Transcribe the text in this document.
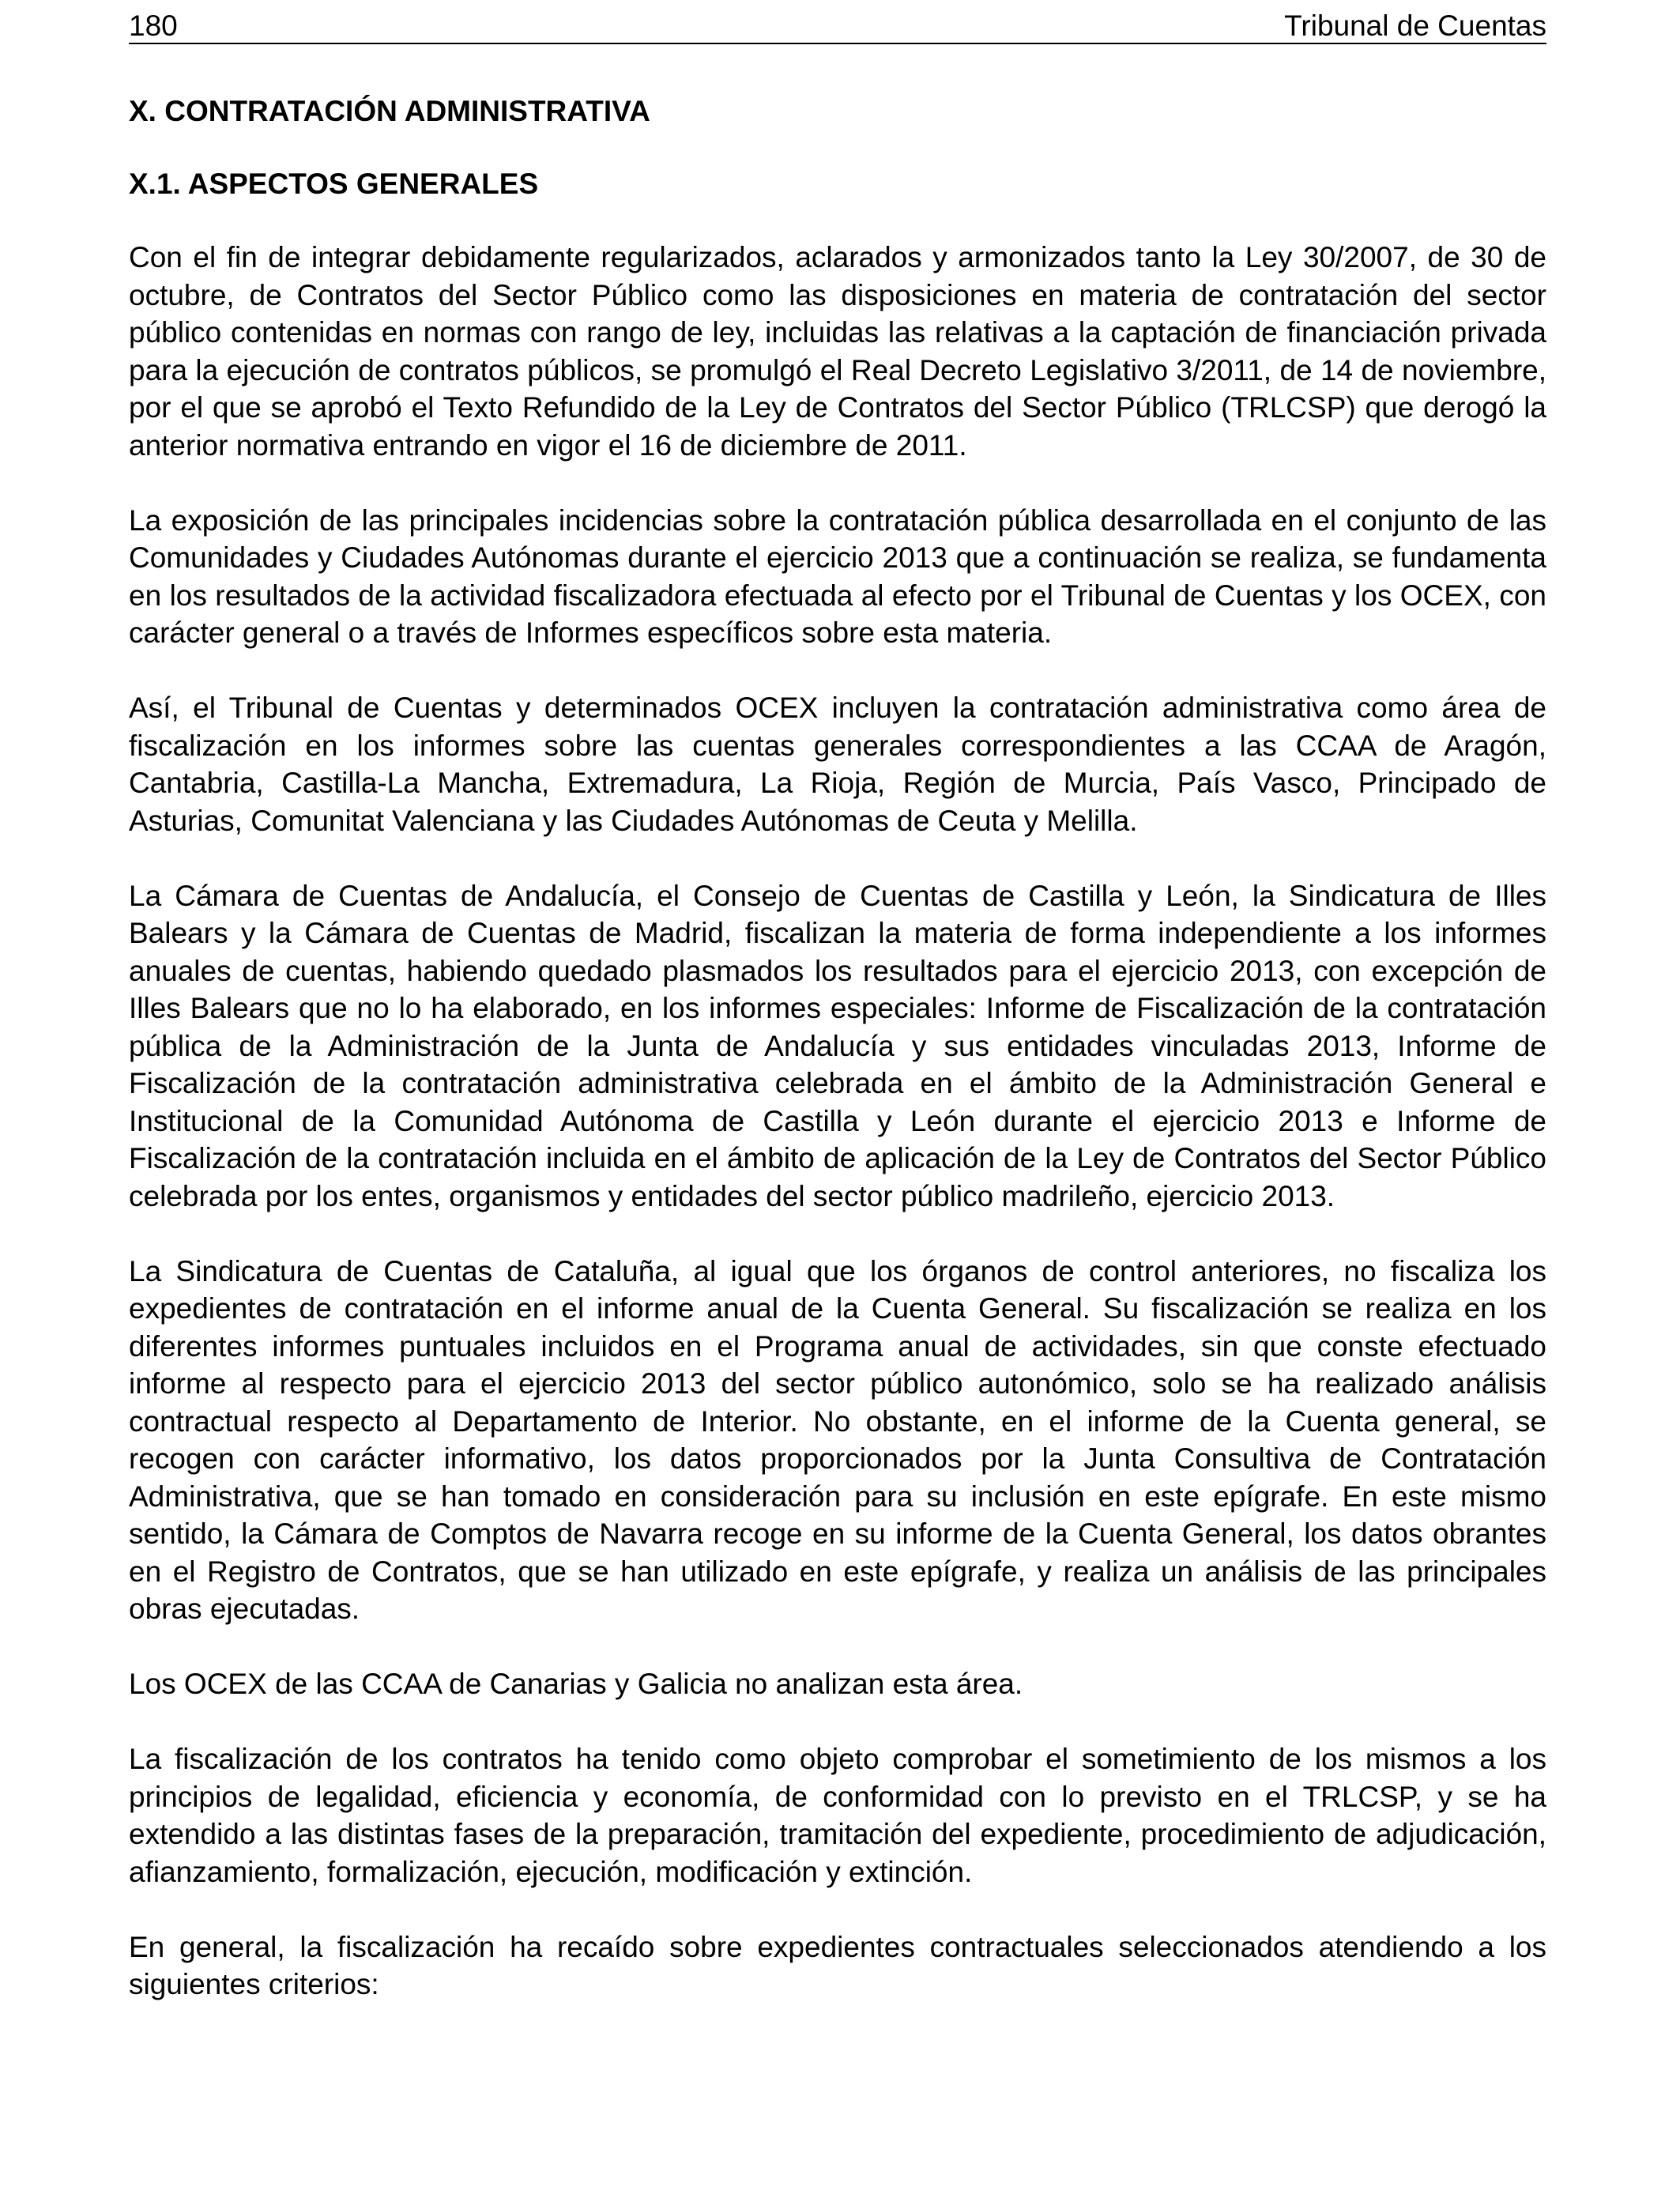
180	Tribunal de Cuentas
X. CONTRATACIÓN ADMINISTRATIVA
X.1. ASPECTOS GENERALES

Con el fin de integrar debidamente regularizados, aclarados y armonizados tanto la Ley 30/2007, de 30 de octubre, de Contratos del Sector Público como las disposiciones en materia de contratación del sector público contenidas en normas con rango de ley, incluidas las relativas a la captación de financiación privada para la ejecución de contratos públicos, se promulgó el Real Decreto Legislativo 3/2011, de 14 de noviembre, por el que se aprobó el Texto Refundido de la Ley de Contratos del Sector Público (TRLCSP) que derogó la anterior normativa entrando en vigor el 16 de diciembre de 2011.

La exposición de las principales incidencias sobre la contratación pública desarrollada en el conjunto de las Comunidades y Ciudades Autónomas durante el ejercicio 2013 que a continuación se realiza, se fundamenta en los resultados de la actividad fiscalizadora efectuada al efecto por el Tribunal de Cuentas y los OCEX, con carácter general o a través de Informes específicos sobre esta materia.

Así, el Tribunal de Cuentas y determinados OCEX incluyen la contratación administrativa como área de fiscalización en los informes sobre las cuentas generales correspondientes a las CCAA de Aragón, Cantabria, Castilla-La Mancha, Extremadura, La Rioja, Región de Murcia, País Vasco, Principado de Asturias, Comunitat Valenciana y las Ciudades Autónomas de Ceuta y Melilla.

La Cámara de Cuentas de Andalucía, el Consejo de Cuentas de Castilla y León, la Sindicatura de Illes Balears y la Cámara de Cuentas de Madrid, fiscalizan la materia de forma independiente a los informes anuales de cuentas, habiendo quedado plasmados los resultados para el ejercicio 2013, con excepción de Illes Balears que no lo ha elaborado, en los informes especiales: Informe de Fiscalización de la contratación pública de la Administración de la Junta de Andalucía y sus entidades vinculadas 2013, Informe de Fiscalización de la contratación administrativa celebrada en el ámbito de la Administración General e Institucional de la Comunidad Autónoma de Castilla y León durante el ejercicio 2013 e Informe de Fiscalización de la contratación incluida en el ámbito de aplicación de la Ley de Contratos del Sector Público celebrada por los entes, organismos y entidades del sector público madrileño, ejercicio 2013.

La Sindicatura de Cuentas de Cataluña, al igual que los órganos de control anteriores, no fiscaliza los expedientes de contratación en el informe anual de la Cuenta General. Su fiscalización se realiza en los diferentes informes puntuales incluidos en el Programa anual de actividades, sin que conste efectuado informe al respecto para el ejercicio 2013 del sector público autonómico, solo se ha realizado análisis contractual respecto al Departamento de Interior. No obstante, en el informe de la Cuenta general, se recogen con carácter informativo, los datos proporcionados por la Junta Consultiva de Contratación Administrativa, que se han tomado en consideración para su inclusión en este epígrafe. En este mismo sentido, la Cámara de Comptos de Navarra recoge en su informe de la Cuenta General, los datos obrantes en el Registro de Contratos, que se han utilizado en este epígrafe, y realiza un análisis de las principales obras ejecutadas.

Los OCEX de las CCAA de Canarias y Galicia no analizan esta área.

La fiscalización de los contratos ha tenido como objeto comprobar el sometimiento de los mismos a los principios de legalidad, eficiencia y economía, de conformidad con lo previsto en el TRLCSP, y se ha extendido a las distintas fases de la preparación, tramitación del expediente, procedimiento de adjudicación, afianzamiento, formalización, ejecución, modificación y extinción.

En general, la fiscalización ha recaído sobre expedientes contractuales seleccionados atendiendo a los siguientes criterios:
